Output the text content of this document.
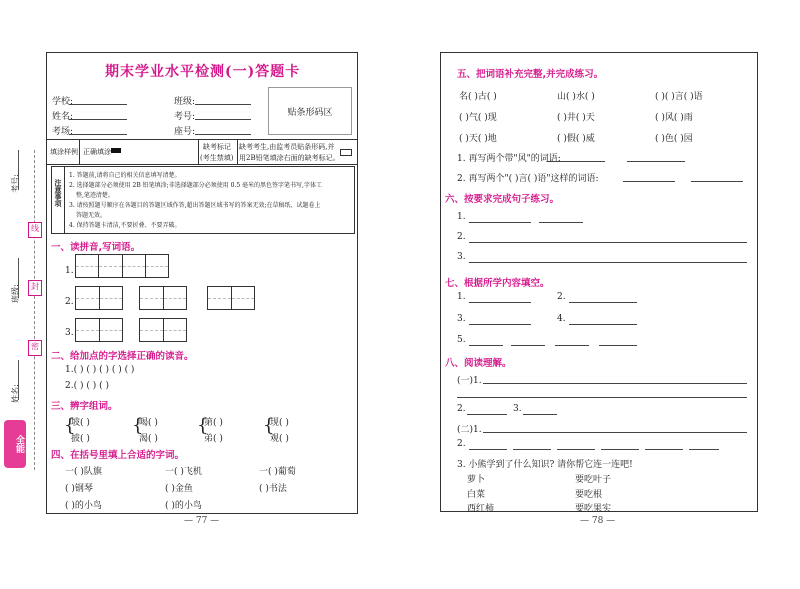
考号:
班级:
姓名:
线
封
密
全能
期末学业水平检测(一)答题卡
学校:
姓名:
考场:
班级:
考号:
座号:
贴条形码区
填涂样例 正确填涂
缺考标记
(考生禁填)
缺考考生,由监考员贴条形码,并
用2B铅笔填涂右面的缺考标记。
注意事项
1. 答题前,请将自己的相关信息填写清楚。
2. 选择题部分必须使用 2B 铅笔填涂;非选择题部分必须使用 0.5 毫米的黑色签字笔书写,字体工
整,笔迹清楚。
3. 请按照题号顺序在各题目的答题区域作答,超出答题区域书写的答案无效;在草稿纸、试题卷上
答题无效。
4. 保持答题卡清洁,不要折叠、不要弄破。
一、读拼音,写词语。
1.
2.
3.
二、给加点的字选择正确的读音。
1.( ) ( ) ( ) ( ) ( )
2.( ) ( ) ( )
三、辨字组词。
{
坡( )
披( )
{
喝( )
渴( )
{
第( )
弟( )
{
现( )
观( )
四、在括号里填上合适的字词。
一( )队旗	一( )飞机	一( )葡萄
( )钢琴	( )金鱼	( )书法
( )的小鸟	( )的小鸟
— 77 —
五、把词语补充完整,并完成练习。
名( )古( )	山( )水( )	( )( )言( )语
( )气( )现	( )井( )天	( )风( )雨
( )天( )地	( )假( )威	( )色( )园
1. 再写两个带"风"的词语:
2. 再写两个"( )言( )语"这样的词语:
六、按要求完成句子练习。
1.
2.
3.
七、根据所学内容填空。
1.	2.
3.	4.
5.
八、阅读理解。
(一)1.
2.	3.
(二)1.
2.
3. 小熊学到了什么知识? 请你帮它连一连吧!
萝卜	要吃叶子
白菜	要吃根
西红柿	要吃果实
— 78 —
